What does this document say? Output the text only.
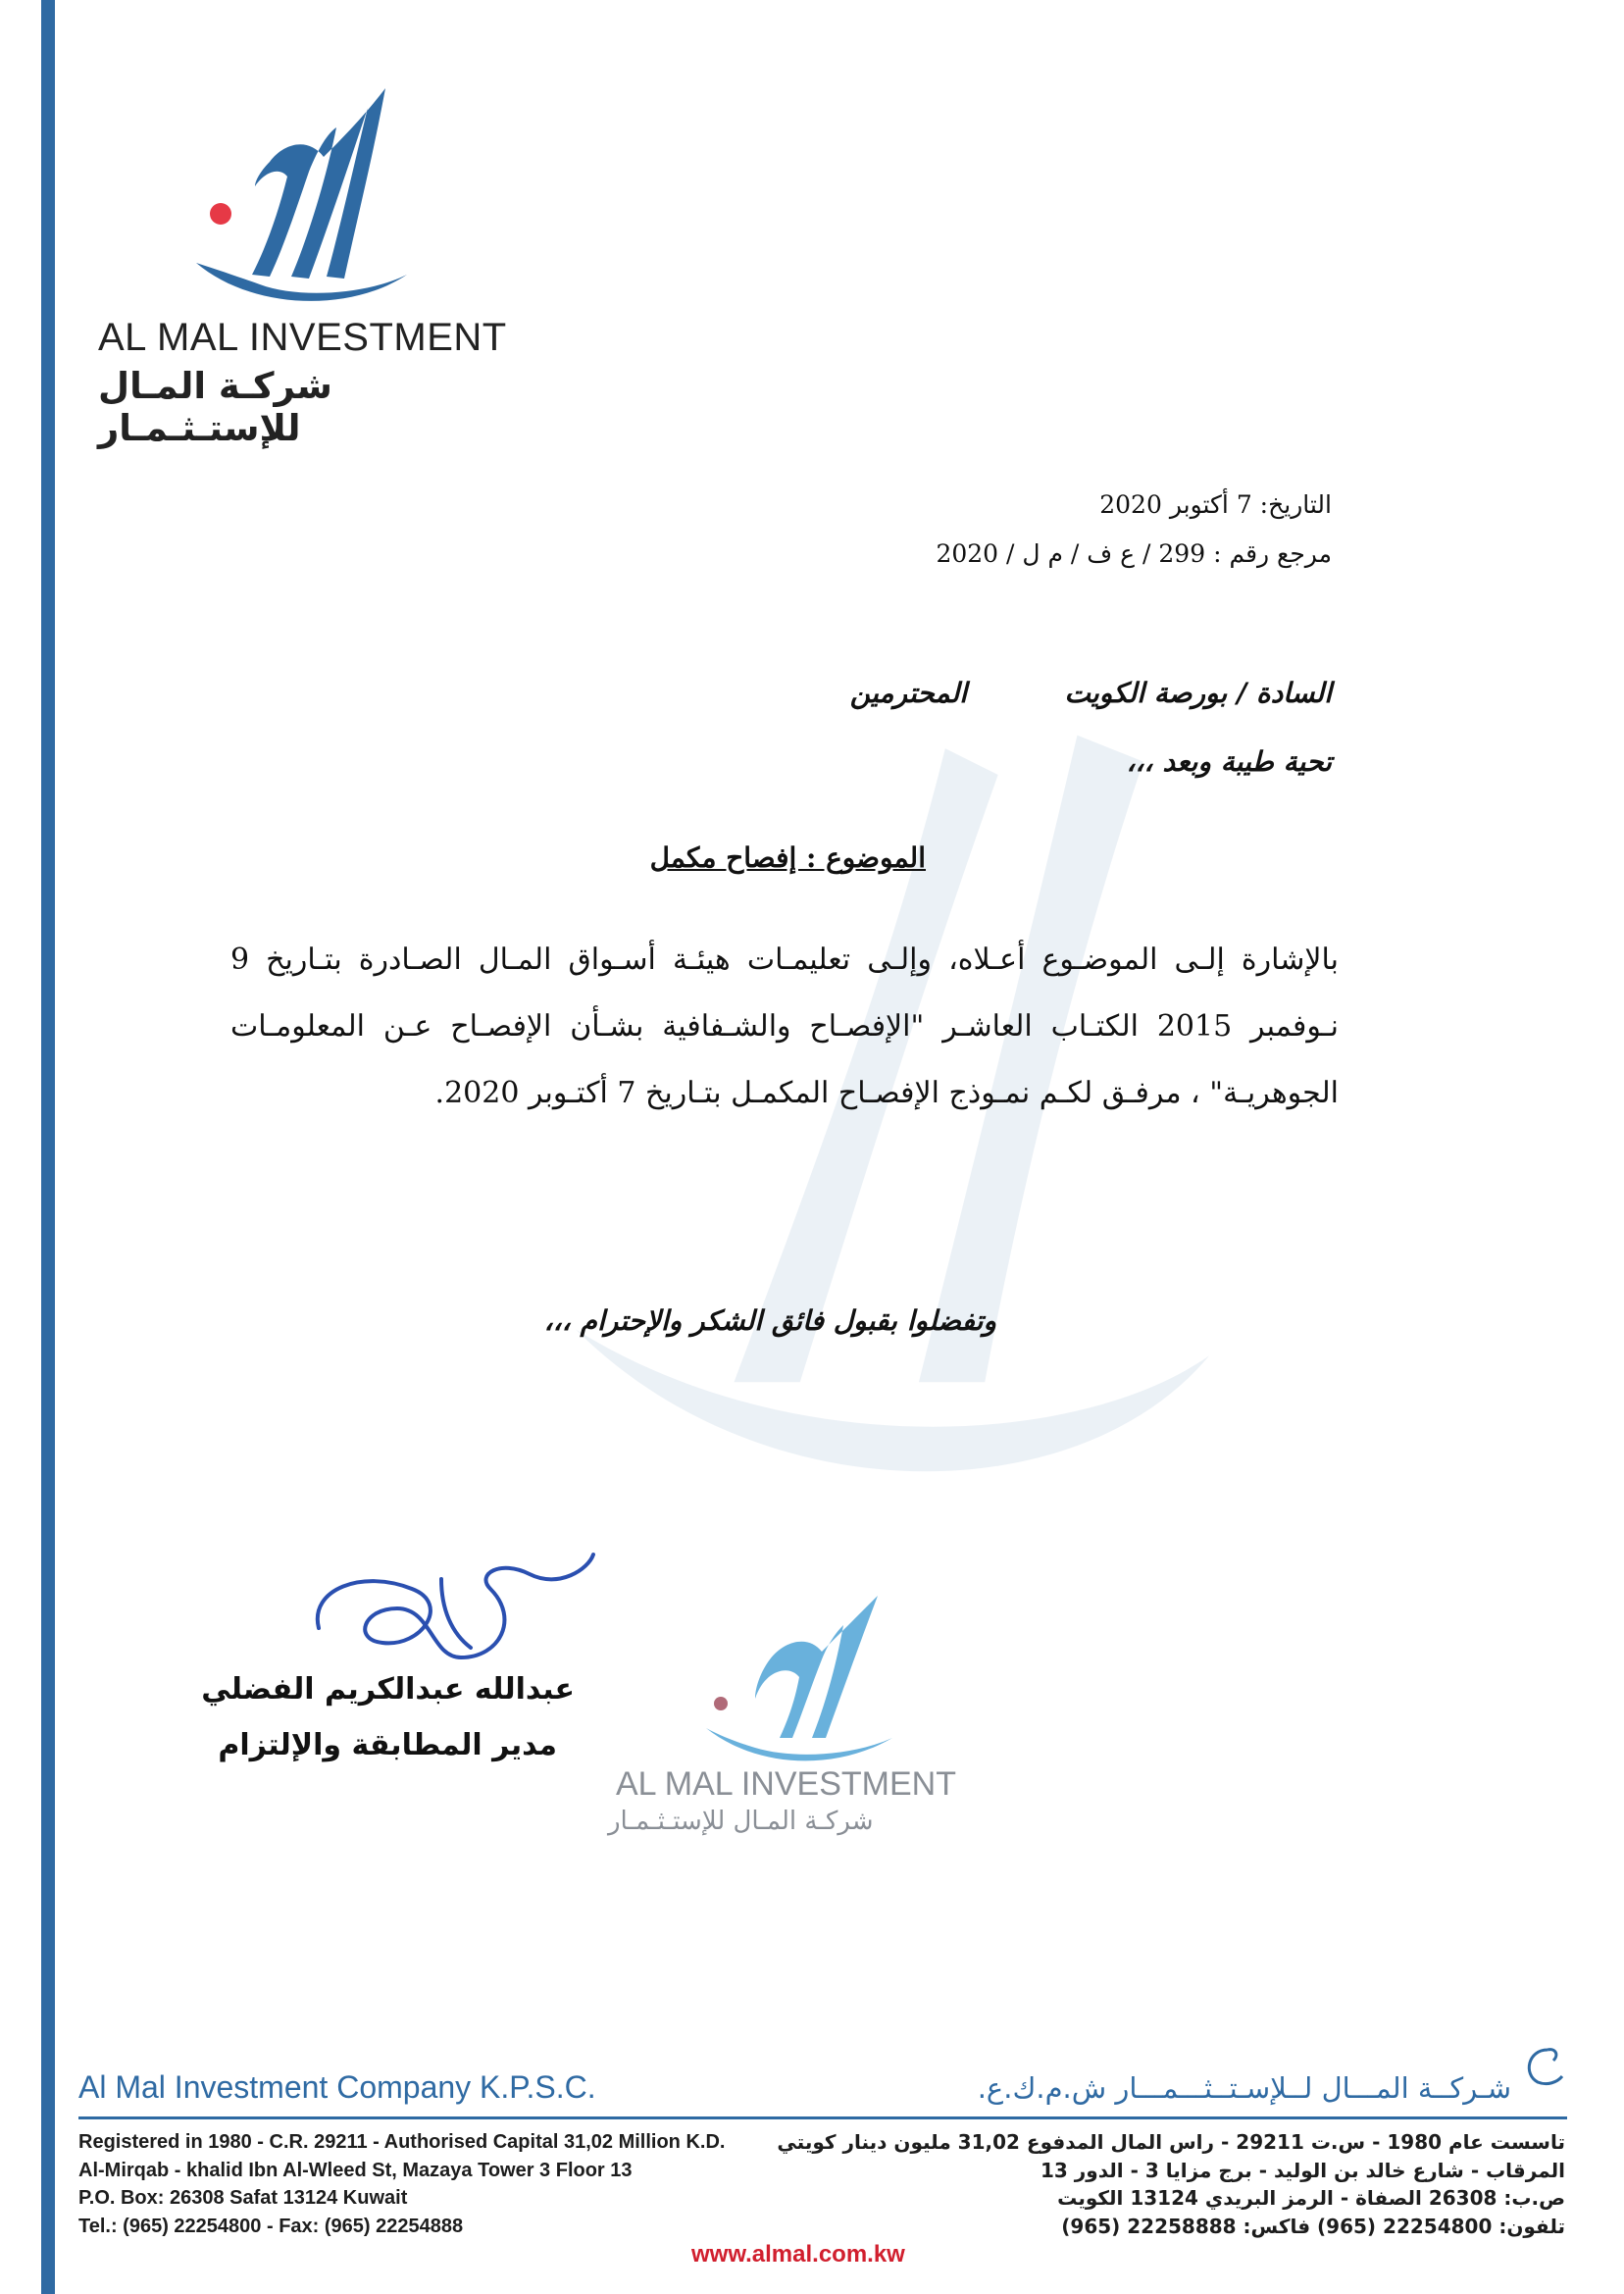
AL MAL INVESTMENT
شركـة المـال للإستـثـمـار
التاريخ: 7 أكتوبر 2020
مرجع رقم : 299 / ع ف / م ل / 2020
السادة / بورصة الكويت
المحترمين
تحية طيبة وبعد ،،،
الموضوع : إفصاح مكمل
بالإشارة إلـى الموضـوع أعـلاه، وإلـى تعليمـات هيئـة أسـواق المـال الصـادرة بتـاريخ 9 نـوفمبر 2015 الكتـاب العاشـر "الإفصـاح والشـفافية بشـأن الإفصـاح عـن المعلومـات الجوهريـة" ، مرفـق لكـم نمـوذج الإفصـاح المكمـل بتـاريخ 7 أكتـوبر 2020.
وتفضلوا بقبول فائق الشكر والإحترام ،،،
عبدالله عبدالكريم الفضلي
مدير المطابقة والإلتزام
AL MAL INVESTMENT
شركـة المـال للإستـثـمـار
Al Mal Investment Company K.P.S.C.	شـركــة المـــال لــلإسـتــثـــمـــار ش.م.ك.ع.
Registered in 1980 - C.R. 29211 - Authorised Capital 31,02 Million K.D.
Al-Mirqab - khalid Ibn Al-Wleed St, Mazaya Tower 3 Floor 13
P.O. Box: 26308 Safat 13124 Kuwait
Tel.: (965) 22254800 - Fax: (965) 22254888
تاسست عام 1980 - س.ت 29211 - راس المال المدفوع 31,02 مليون دينار كويتي
المرقاب - شارع خالد بن الوليد - برج مزايا 3 - الدور 13
ص.ب: 26308 الصفاة - الرمز البريدي 13124 الكويت
تلفون: 22254800 (965) فاكس: 22258888 (965)
www.almal.com.kw
